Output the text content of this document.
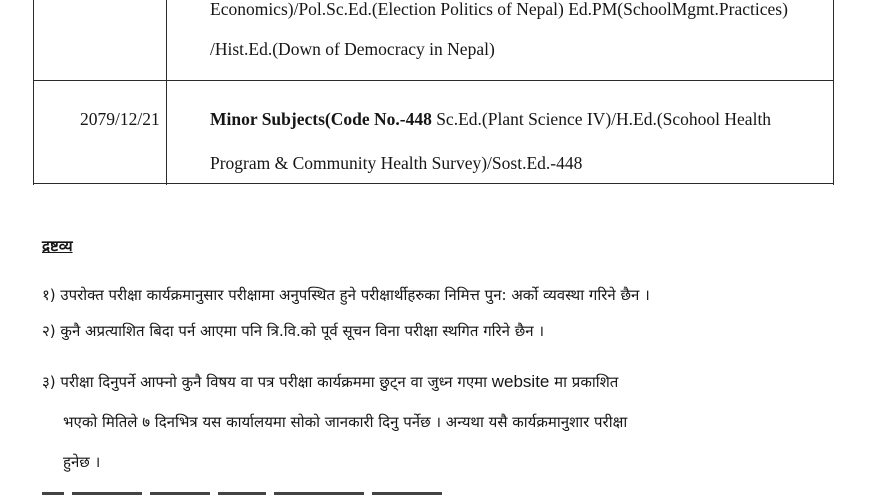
Economics)/Pol.Sc.Ed.(Election Politics of Nepal) Ed.PM(SchoolMgmt.Practices)
/Hist.Ed.(Down of Democracy in Nepal)
2079/12/21	Minor Subjects(Code No.-448 Sc.Ed.(Plant Science IV)/H.Ed.(Scohool Health
Program & Community Health Survey)/Sost.Ed.-448
द्रष्टव्य
१) उपरोक्त परीक्षा कार्यक्रमानुसार परीक्षामा अनुपस्थित हुने परीक्षार्थीहरुका निमित्त पुन: अर्को व्यवस्था गरिने छैन ।
२) कुनै अप्रत्याशित बिदा पर्न आएमा पनि त्रि.वि.को पूर्व सूचन विना परीक्षा स्थगित गरिने छैन ।
३) परीक्षा दिनुपर्ने आफ्नो कुनै विषय वा पत्र परीक्षा कार्यक्रममा छुट्न वा जुध्न गएमा website मा प्रकाशित
भएको मितिले ७ दिनभित्र यस कार्यालयमा सोको जानकारी दिनु पर्नेछ । अन्यथा यसै कार्यक्रमानुशार परीक्षा
हुनेछ ।
